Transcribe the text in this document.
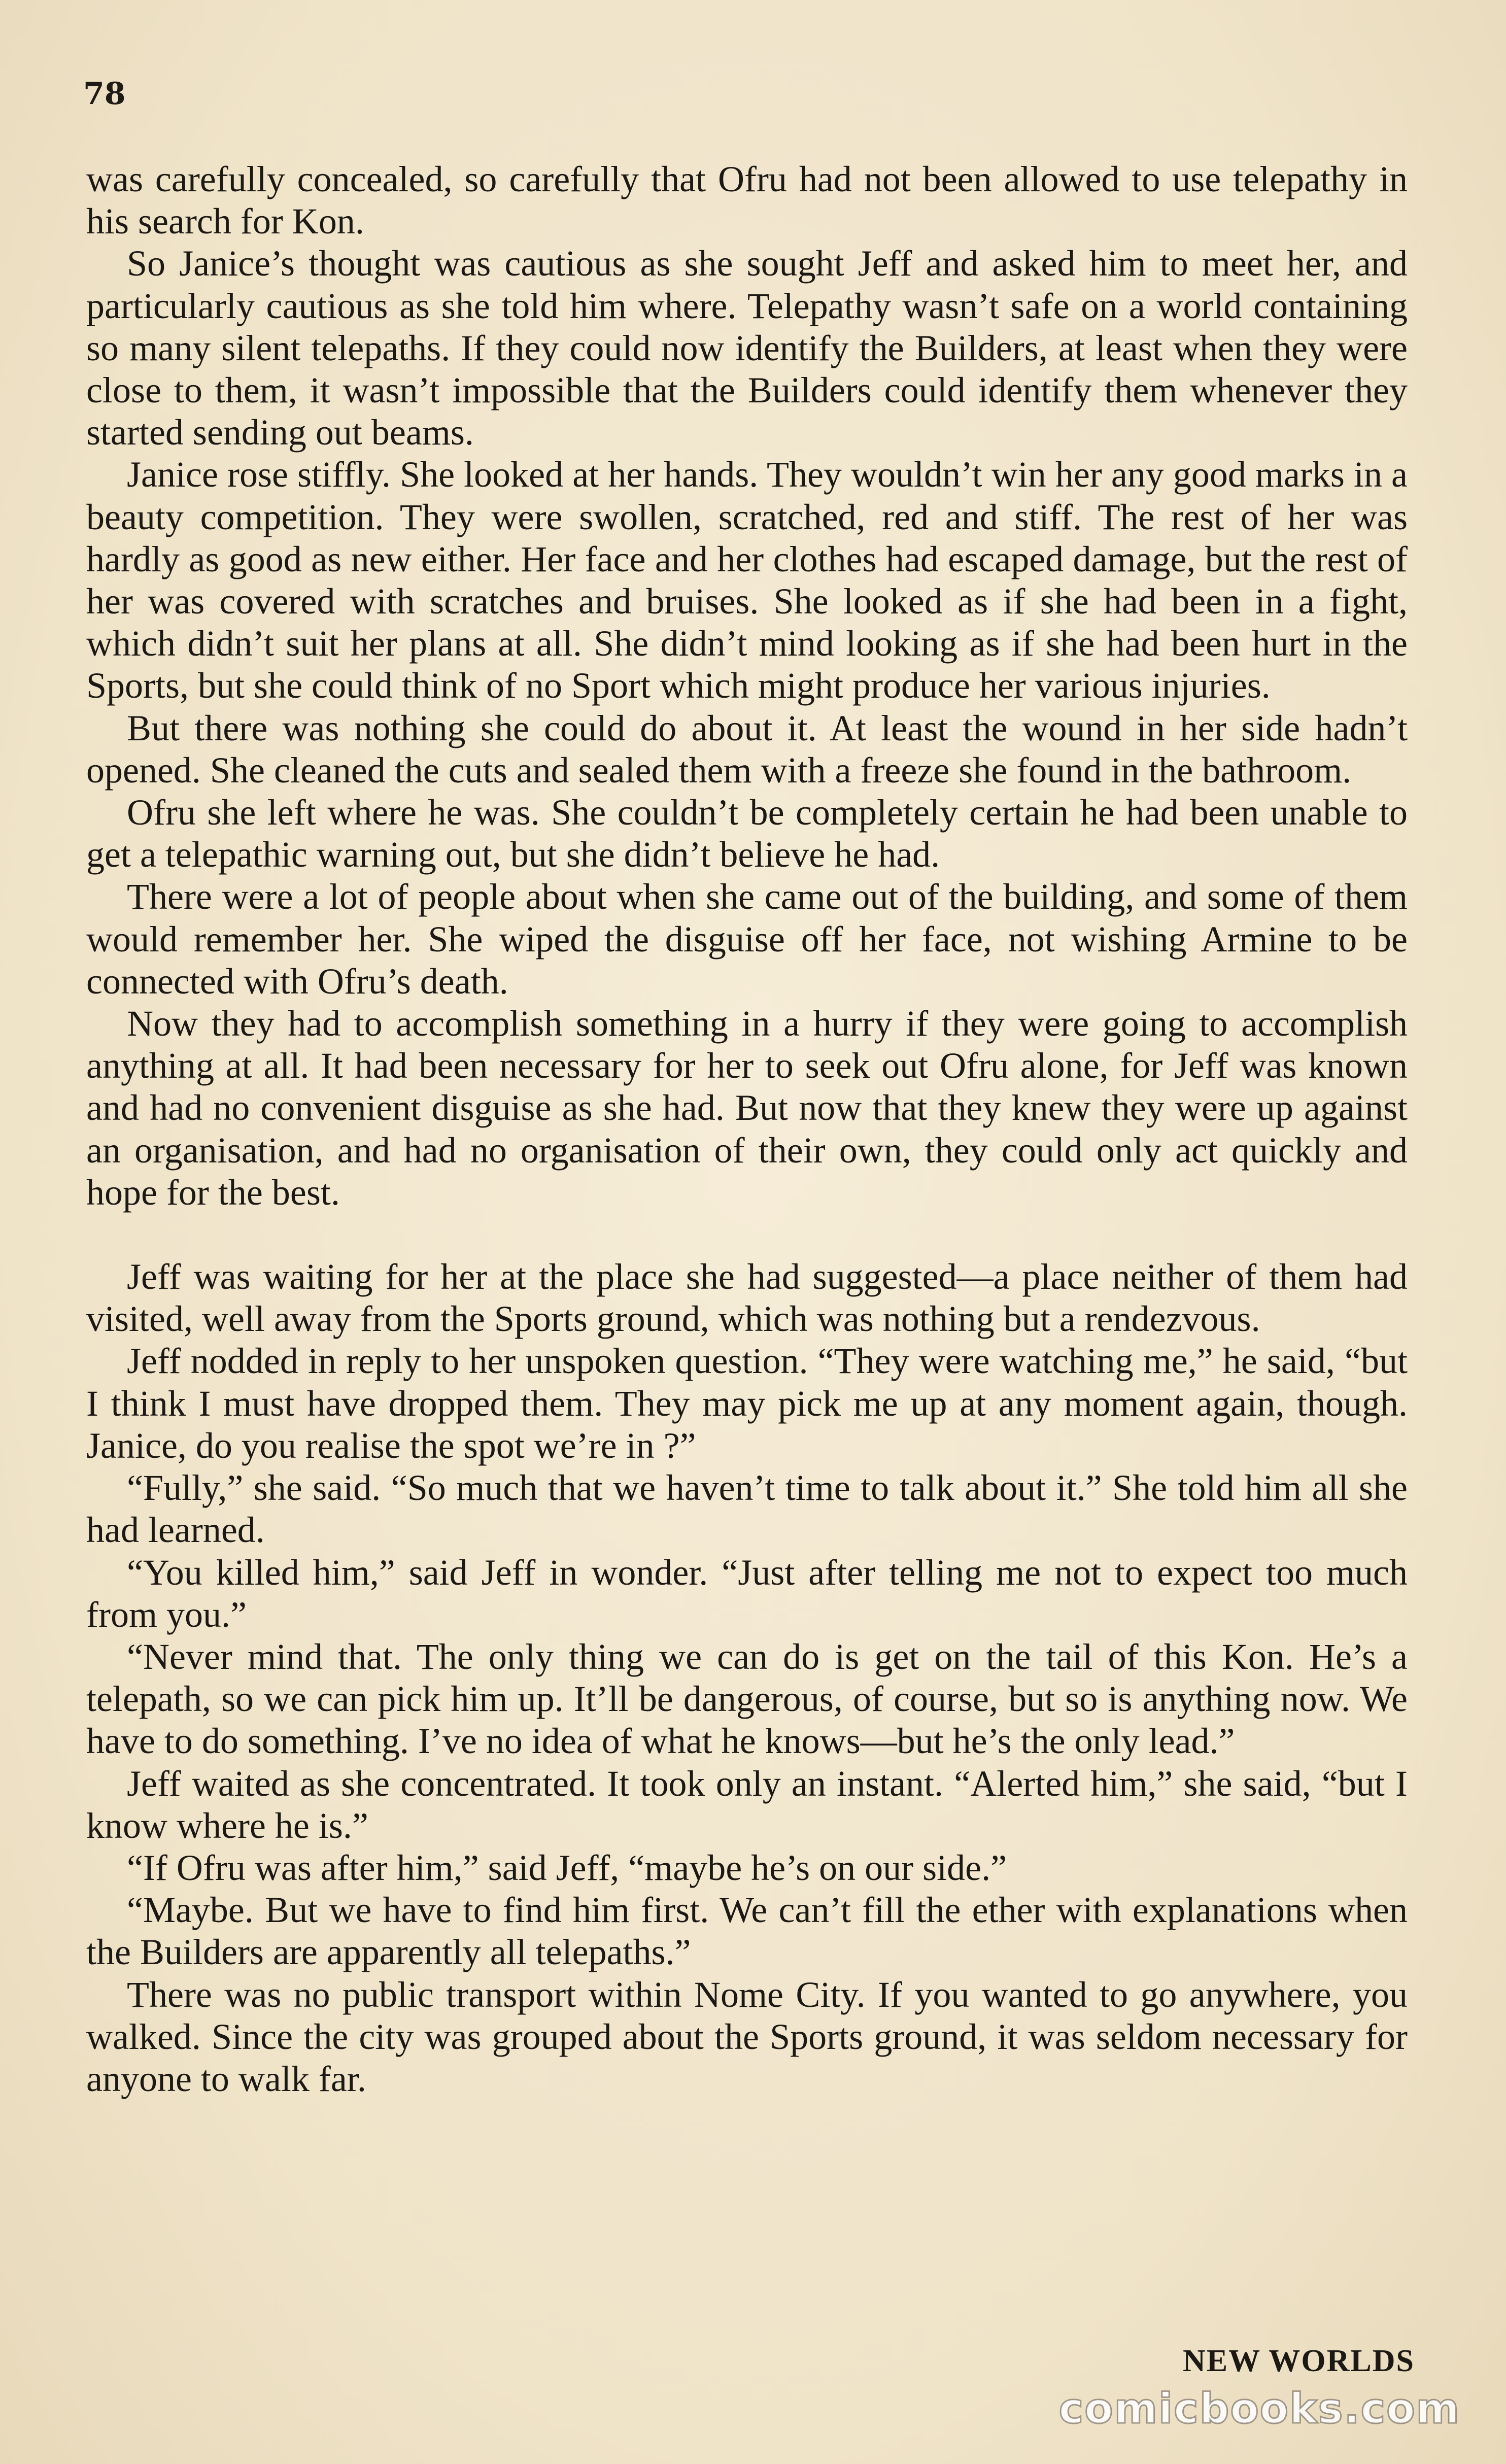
78

was carefully concealed, so carefully that Ofru had not been allowed to use telepathy in his search for Kon.

So Janice’s thought was cautious as she sought Jeff and asked him to meet her, and particularly cautious as she told him where. Telepathy wasn’t safe on a world containing so many silent telepaths. If they could now identify the Builders, at least when they were close to them, it wasn’t impossible that the Builders could identify them whenever they started sending out beams.

Janice rose stiffly. She looked at her hands. They wouldn’t win her any good marks in a beauty competition. They were swollen, scratched, red and stiff. The rest of her was hardly as good as new either. Her face and her clothes had escaped damage, but the rest of her was covered with scratches and bruises. She looked as if she had been in a fight, which didn’t suit her plans at all. She didn’t mind looking as if she had been hurt in the Sports, but she could think of no Sport which might produce her various injuries.

But there was nothing she could do about it. At least the wound in her side hadn’t opened. She cleaned the cuts and sealed them with a freeze she found in the bathroom.

Ofru she left where he was. She couldn’t be completely certain he had been unable to get a telepathic warning out, but she didn’t believe he had.

There were a lot of people about when she came out of the building, and some of them would remember her. She wiped the disguise off her face, not wishing Armine to be connected with Ofru’s death.

Now they had to accomplish something in a hurry if they were going to accomplish anything at all. It had been necessary for her to seek out Ofru alone, for Jeff was known and had no convenient disguise as she had. But now that they knew they were up against an organisation, and had no organisation of their own, they could only act quickly and hope for the best.

Jeff was waiting for her at the place she had suggested—a place neither of them had visited, well away from the Sports ground, which was nothing but a rendezvous.

Jeff nodded in reply to her unspoken question. “They were watching me,” he said, “but I think I must have dropped them. They may pick me up at any moment again, though. Janice, do you realise the spot we’re in ?”

“Fully,” she said. “So much that we haven’t time to talk about it.” She told him all she had learned.

“You killed him,” said Jeff in wonder. “Just after telling me not to expect too much from you.”

“Never mind that. The only thing we can do is get on the tail of this Kon. He’s a telepath, so we can pick him up. It’ll be dangerous, of course, but so is anything now. We have to do something. I’ve no idea of what he knows—but he’s the only lead.”

Jeff waited as she concentrated. It took only an instant. “Alerted him,” she said, “but I know where he is.”

“If Ofru was after him,” said Jeff, “maybe he’s on our side.”

“Maybe. But we have to find him first. We can’t fill the ether with explanations when the Builders are apparently all telepaths.”

There was no public transport within Nome City. If you wanted to go anywhere, you walked. Since the city was grouped about the Sports ground, it was seldom necessary for anyone to walk far.

NEW WORLDS
comicbooks.com
